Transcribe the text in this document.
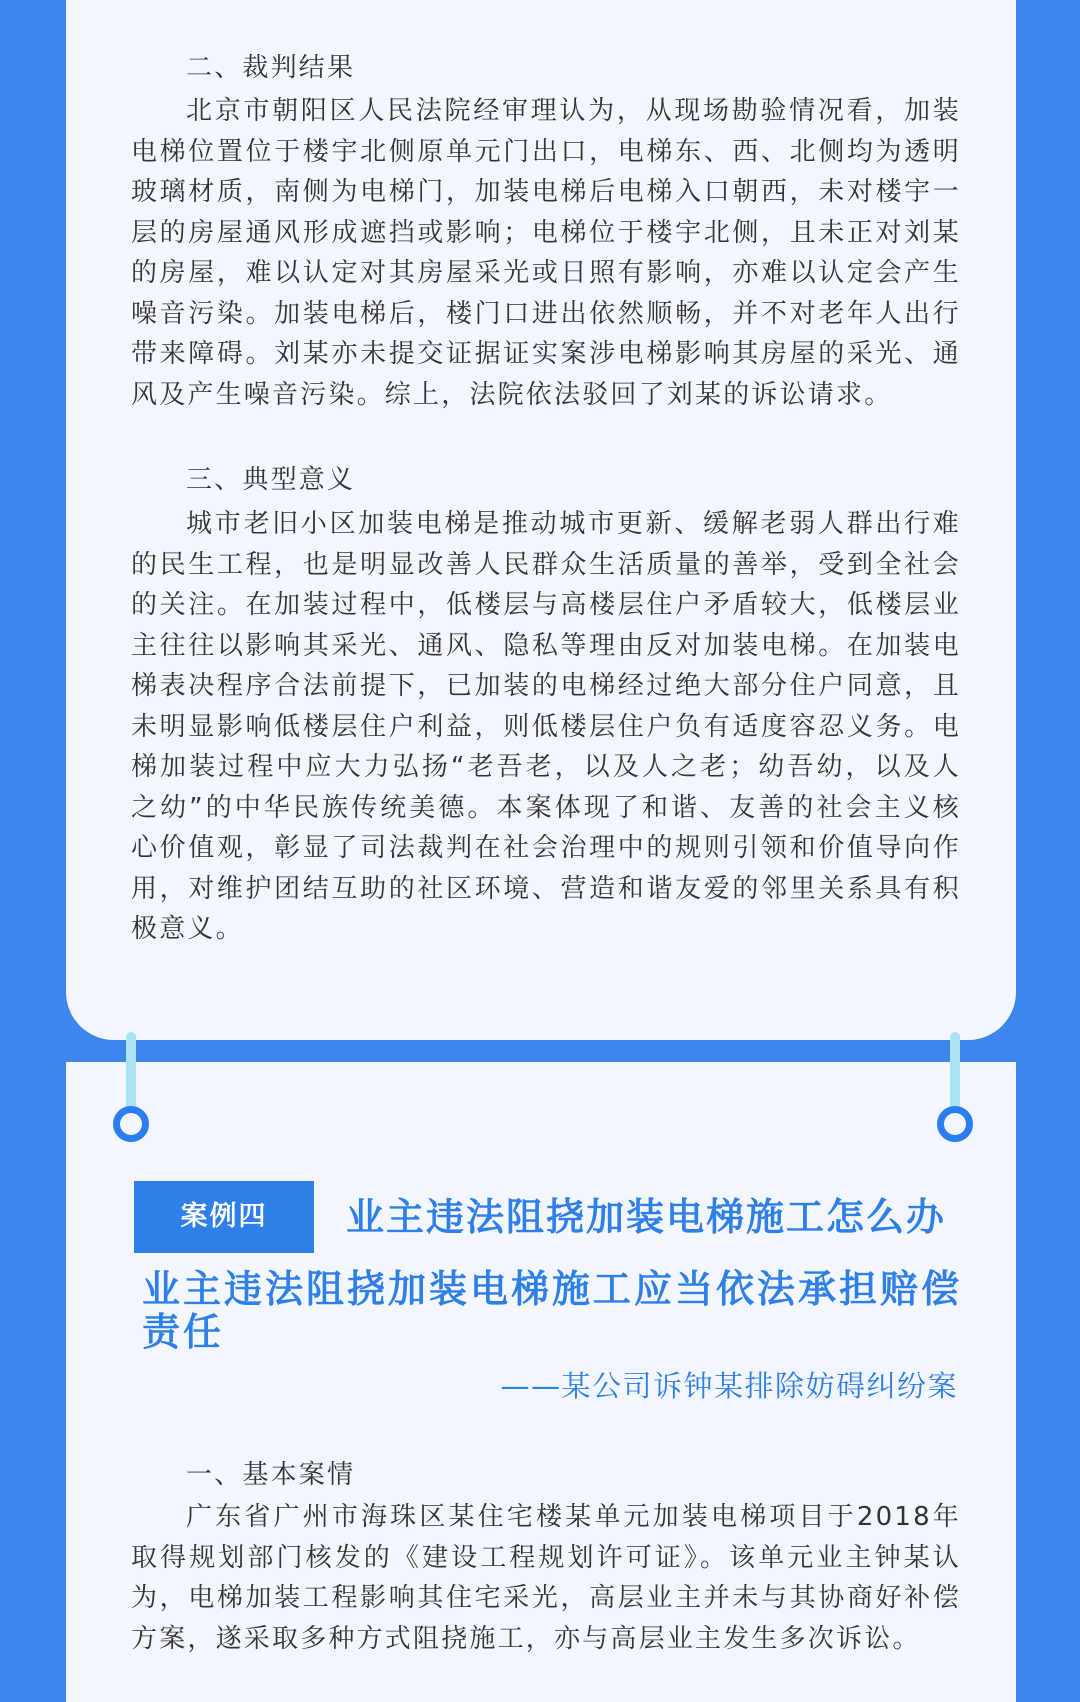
二、裁判结果

北京市朝阳区人民法院经审理认为，从现场勘验情况看，加装电梯位置位于楼宇北侧原单元门出口，电梯东、西、北侧均为透明玻璃材质，南侧为电梯门，加装电梯后电梯入口朝西，未对楼宇一层的房屋通风形成遮挡或影响；电梯位于楼宇北侧，且未正对刘某的房屋，难以认定对其房屋采光或日照有影响，亦难以认定会产生噪音污染。加装电梯后，楼门口进出依然顺畅，并不对老年人出行带来障碍。刘某亦未提交证据证实案涉电梯影响其房屋的采光、通风及产生噪音污染。综上，法院依法驳回了刘某的诉讼请求。

三、典型意义

城市老旧小区加装电梯是推动城市更新、缓解老弱人群出行难的民生工程，也是明显改善人民群众生活质量的善举，受到全社会的关注。在加装过程中，低楼层与高楼层住户矛盾较大，低楼层业主往往以影响其采光、通风、隐私等理由反对加装电梯。在加装电梯表决程序合法前提下，已加装的电梯经过绝大部分住户同意，且未明显影响低楼层住户利益，则低楼层住户负有适度容忍义务。电梯加装过程中应大力弘扬“老吾老，以及人之老；幼吾幼，以及人之幼”的中华民族传统美德。本案体现了和谐、友善的社会主义核心价值观，彰显了司法裁判在社会治理中的规则引领和价值导向作用，对维护团结互助的社区环境、营造和谐友爱的邻里关系具有积极意义。

案例四	业主违法阻挠加装电梯施工怎么办
业主违法阻挠加装电梯施工应当依法承担赔偿责任

——某公司诉钟某排除妨碍纠纷案

一、基本案情

广东省广州市海珠区某住宅楼某单元加装电梯项目于2018年取得规划部门核发的《建设工程规划许可证》。该单元业主钟某认为，电梯加装工程影响其住宅采光，高层业主并未与其协商好补偿方案，遂采取多种方式阻挠施工，亦与高层业主发生多次诉讼。
